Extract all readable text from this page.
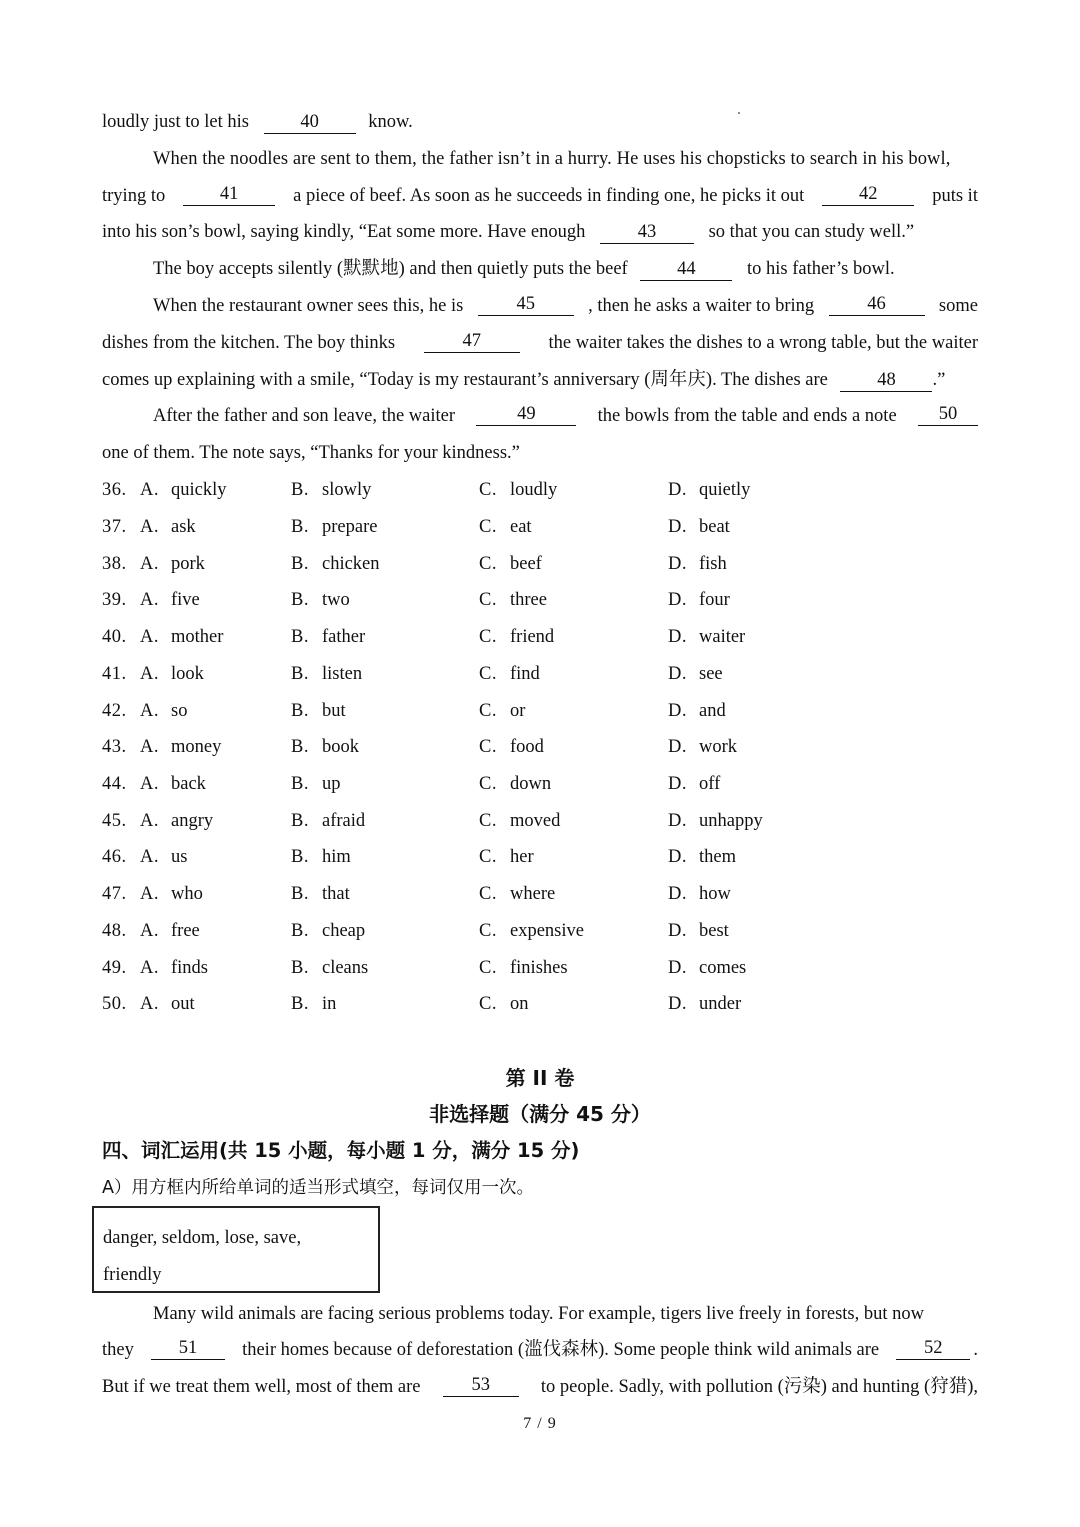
loudly just to let his	40	know.
When the noodles are sent to them, the father isn’t in a hurry. He uses his chopsticks to search in his bowl,
trying to	41	a piece of beef. As soon as he succeeds in finding one, he picks it out	42	puts it
into his son’s bowl, saying kindly, “Eat some more. Have enough	43	so that you can study well.”
The boy accepts silently (默默地) and then quietly puts the beef	44	to his father’s bowl.
When the restaurant owner sees this, he is	45	, then he asks a waiter to bring	46	some
dishes from the kitchen. The boy thinks	47	the waiter takes the dishes to a wrong table, but the waiter
comes up explaining with a smile, “Today is my restaurant’s anniversary (周年庆). The dishes are	48 .”
After the father and son leave, the waiter	49	the bowls from the table and ends a note	50
one of them. The note says, “Thanks for your kindness.”
36. A. quickly	B. slowly	C. loudly	D. quietly
37. A. ask	B. prepare	C. eat	D. beat
38. A. pork	B. chicken	C. beef	D. fish
39. A. five	B. two	C. three	D. four
40. A. mother	B. father	C. friend	D. waiter
41. A. look	B. listen	C. find	D. see
42. A. so	B. but	C. or	D. and
43. A. money	B. book	C. food	D. work
44. A. back	B. up	C. down	D. off
45. A. angry	B. afraid	C. moved	D. unhappy
46. A. us	B. him	C. her	D. them
47. A. who	B. that	C. where	D. how
48. A. free	B. cheap	C. expensive	D. best
49. A. finds	B. cleans	C. finishes	D. comes
50. A. out	B. in	C. on	D. under
第 II 卷
非选择题（满分 45 分）
四、词汇运用(共 15 小题，每小题 1 分，满分 15 分)
A）用方框内所给单词的适当形式填空，每词仅用一次。
danger, seldom, lose, save,
friendly
Many wild animals are facing serious problems today. For example, tigers live freely in forests, but now
they	51	their homes because of deforestation (滥伐森林). Some people think wild animals are	52	.
But if we treat them well, most of them are	53	to people. Sadly, with pollution (污染) and hunting (狩猎),
7 / 9
